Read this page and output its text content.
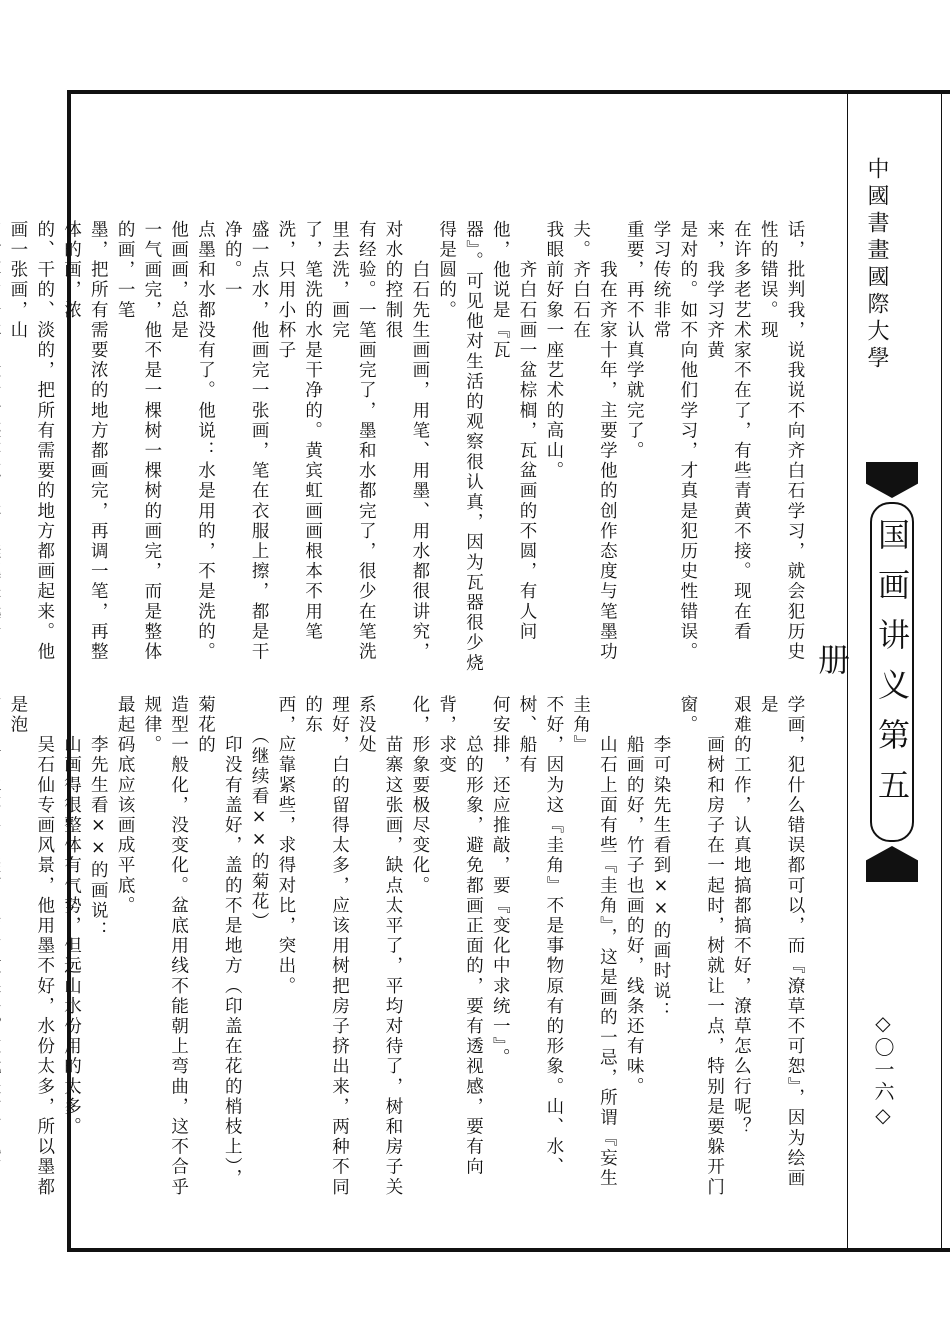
中國書畫國際大學
国画讲义第五册
◇〇一六◇

话，批判我，说我说不向齐白石学习，就会犯历史性的错误。现

在许多老艺术家不在了，有些青黄不接。现在看来，我学习齐黄

是对的。如不向他们学习，才真是犯历史性错误。学习传统非常

重要，再不认真学就完了。

　　我在齐家十年，主要学他的创作态度与笔墨功夫。齐白石在

我眼前好象一座艺术的高山。

　　齐白石画一盆棕榈，瓦盆画的不圆，有人问他，他说是『瓦

器』。可见他对生活的观察很认真，因为瓦器很少烧得是圆的。

　　白石先生画画，用笔、用墨、用水都很讲究，对水的控制很

有经验。一笔画完了，墨和水都完了，很少在笔洗里去洗，画完

了，笔洗的水是干净的。黄宾虹画画根本不用笔洗，只用小杯子

盛一点水，他画完一张画，笔在衣服上擦，都是干净的。一

点墨和水都没有了。他说：水是用的，不是洗的。他画画，总是

一气画完，他不是一棵树一棵树的画完，而是整体的画，一笔

墨，把所有需要浓的地方都画完，再调一笔，再整体的画，浓

的、干的、淡的，把所有需要的地方都画起来。他画一张画，山

学画，犯什么错误都可以，而『潦草不可恕』，因为绘画是

艰难的工作，认真地搞都搞不好，潦草怎么行呢？

　　画树和房子在一起时，树就让一点，特别是要躲开门窗。

　　李可染先生看到××的画时说：

　　船画的好，竹子也画的好，线条还有味。

　　山石上面有些『圭角』，这是画的一忌，所谓『妄生圭角』

不好，因为这『圭角』不是事物原有的形象。山、水、树、船有

何安排，还应推敲，要『变化中求统一』。

　　总的形象，避免都画正面的，要有透视感，要有向背，求变

化，形象要极尽变化。

　　苗寨这张画，缺点太平了，平均对待了，树和房子关系没处

理好，白的留得太多，应该用树把房子挤出来，两种不同的东

西，应靠紧些，求得对比，突出。

　　（继续看××的菊花）

　　印没有盖好，盖的不是地方（印盖在花的梢枝上），菊花的

造型一般化，没变化。盆底用线不能朝上弯曲，这不合乎规律。

最起码底应该画成平底。

　　李先生看××的画说：

　　山画得很整体有气势，但远山水份用的太多。

　　吴石仙专画风景，他用墨不好，水份太多，所以墨都是泡
